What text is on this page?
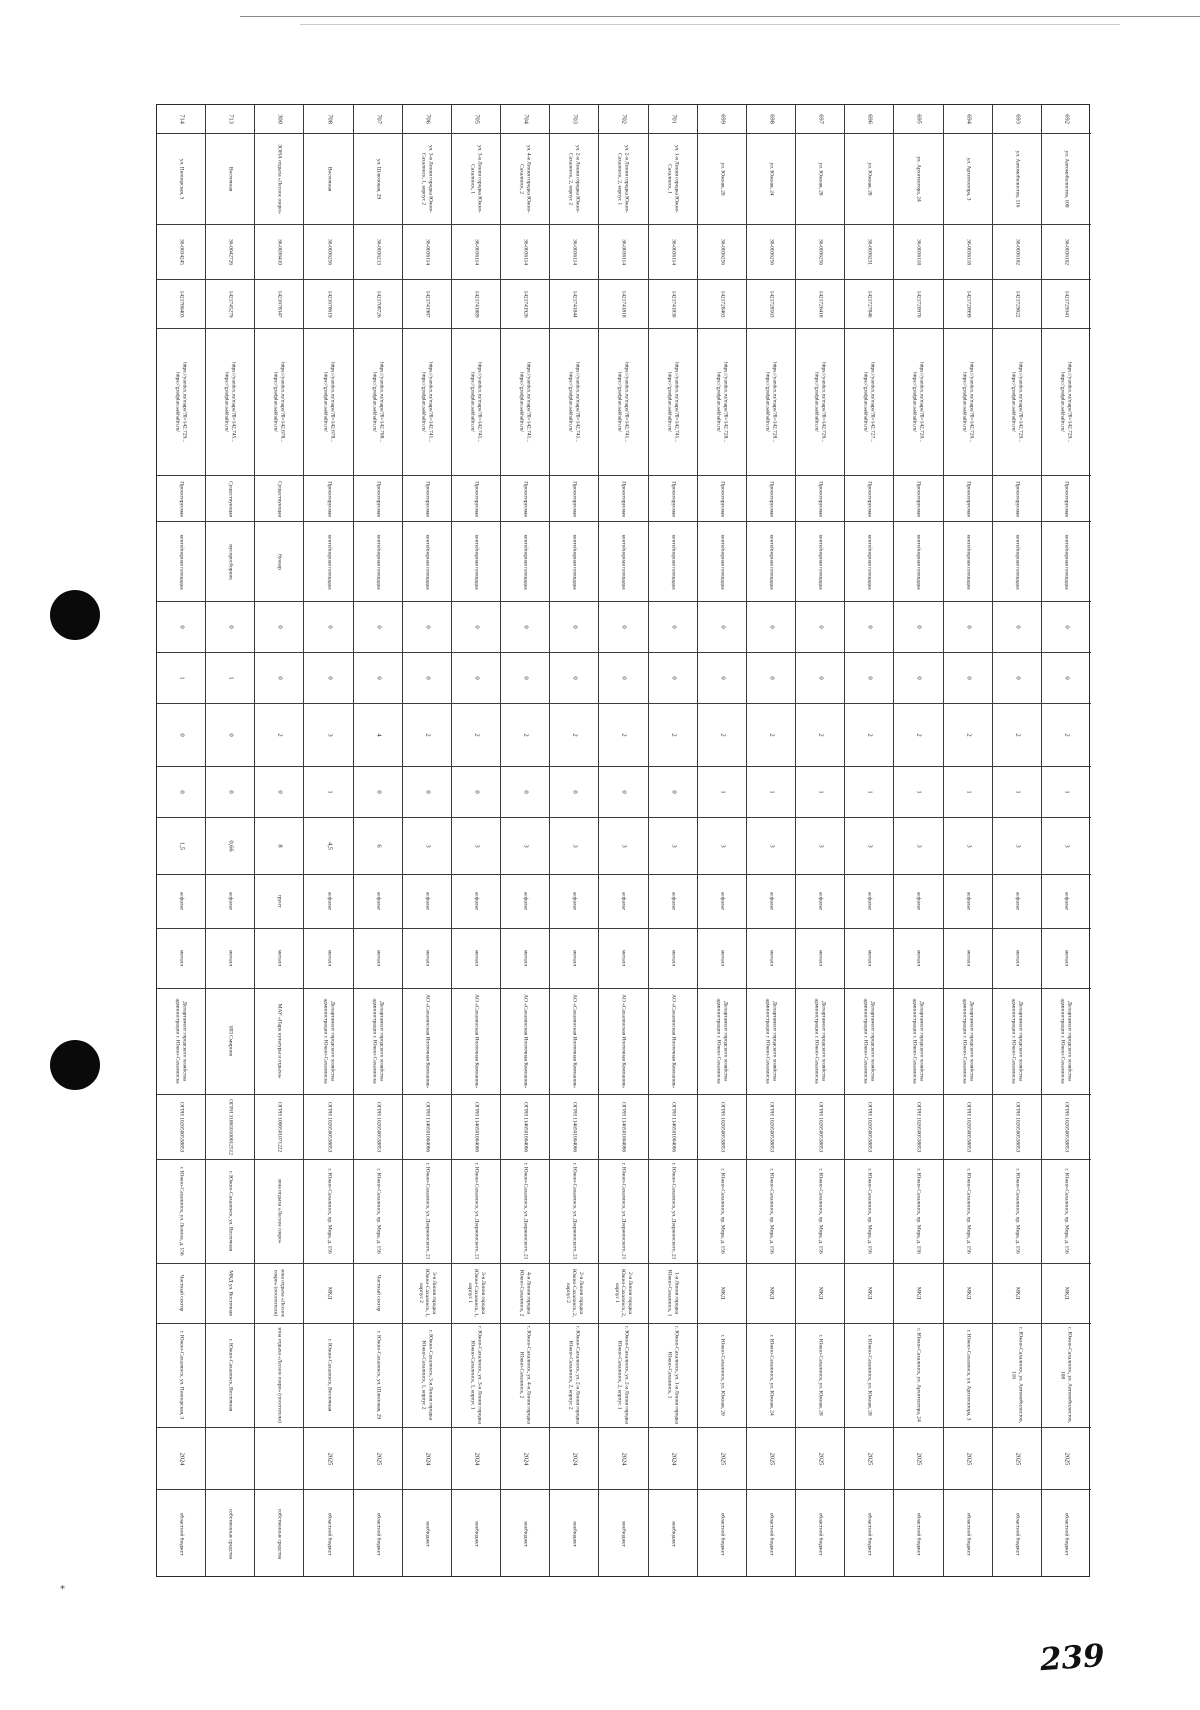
714
ул. Пионерская, 3
36-0034245
1421780403
https://yandex.ru/maps/?ll=142.729...
https://gradplan.sakhalin.ru/
Проектируемая
контейнерная площадка
0
1
0
0
1,5
асфальт
металл
Департамент городского хозяйства администрации г. Южно-Сахалинска
ОГРН 1026500538853
г. Южно-Сахалинск, ул. Ленина, д. 156
Частный сектор
г. Южно-Сахалинск, ул. Пионерская, 3
2024
областной бюджет
713
Восточная
36-0042726
1421745279
https://yandex.ru/maps/?ll=142.745...
https://gradplan.sakhalin.ru/
Существующая
мусоросборник
0
1
0
0
0,66
асфальт
металл
ИП Смирнов
ОГРН 318650100012512
г. Южно-Сахалинск, ул. Восточная
МКД ул. Восточная
г. Южно-Сахалинск, Восточная
собственные средства
300
ЗОНА отдыха «Лесное озеро»
36-0036410
1421678347
https://yandex.ru/maps/?ll=142.678...
https://gradplan.sakhalin.ru/
Существующая
бункер
0
0
2
0
8
грунт
металл
МАУ «Парк культуры и отдыха»
ОГРН 1066501071222
зона отдыха «Лесное озеро»
зона отдыха «Лесное озеро» (посетители)
зона отдыха «Лесное озеро» (посетители)
собственные средства
708
Восточная
36-0036256
1421678619
https://yandex.ru/maps/?ll=142.678...
https://gradplan.sakhalin.ru/
Проектируемая
контейнерная площадка
0
0
3
1
4,5
асфальт
металл
Департамент городского хозяйства администрации г. Южно-Сахалинска
ОГРН 1026500538853
г. Южно-Сахалинск, пр. Мира, д. 156
МКД
г. Южно-Сахалинск, Восточная
2025
областной бюджет
707
ул. Шлюзовая, 29
36-0036213
1421708726
https://yandex.ru/maps/?ll=142.708...
https://gradplan.sakhalin.ru/
Проектируемая
контейнерная площадка
0
0
4
0
6
асфальт
металл
Департамент городского хозяйства администрации г. Южно-Сахалинска
ОГРН 1026500538853
г. Южно-Сахалинск, пр. Мира, д. 156
Частный сектор
г. Южно-Сахалинск, ул. Шлюзовая, 29
2025
областной бюджет
706
ул. 3-я Линия городка Южно-Сахалинск, 1, корпус 2
36-0036114
1421741987
https://yandex.ru/maps/?ll=142.741...
https://gradplan.sakhalin.ru/
Проектируемая
контейнерная площадка
0
0
2
0
3
асфальт
металл
АО «Сахалинская Ипотечная Компания»
ОГРН 1146501004066
г. Южно-Сахалинск, ул. Дзержинского, 21
3-я Линия городка Южно-Сахалинск, 1, корпус 2
г. Южно-Сахалинск, 3-я Линия городка Южно-Сахалинск, 1, корпус 2
2024
внебюджет
705
ул. 3-я Линия городка Южно-Сахалинск, 1
36-0036114
1421741889
https://yandex.ru/maps/?ll=142.741...
https://gradplan.sakhalin.ru/
Проектируемая
контейнерная площадка
0
0
2
0
3
асфальт
металл
АО «Сахалинская Ипотечная Компания»
ОГРН 1146501004066
г. Южно-Сахалинск, ул. Дзержинского, 21
3-я Линия городка Южно-Сахалинск, 1, корпус 1
г. Южно-Сахалинск, ул. 3-я Линия городка Южно-Сахалинск, 1, корпус 1
2024
внебюджет
704
ул. 4-я Линия городка Южно-Сахалинск, 2
36-0036114
1421741926
https://yandex.ru/maps/?ll=142.741...
https://gradplan.sakhalin.ru/
Проектируемая
контейнерная площадка
0
0
2
0
3
асфальт
металл
АО «Сахалинская Ипотечная Компания»
ОГРН 1146501004066
г. Южно-Сахалинск, ул. Дзержинского, 21
4-я Линия городка Южно-Сахалинск, 2
г. Южно-Сахалинск, ул. 4-я Линия городка Южно-Сахалинск, 2
2024
внебюджет
703
ул. 2-я Линия городка Южно-Сахалинск, 2, корпус 2
36-0036114
1421741844
https://yandex.ru/maps/?ll=142.741...
https://gradplan.sakhalin.ru/
Проектируемая
контейнерная площадка
0
0
2
0
3
асфальт
металл
АО «Сахалинская Ипотечная Компания»
ОГРН 1146501004066
г. Южно-Сахалинск, ул. Дзержинского, 21
2-я Линия городка Южно-Сахалинск, 2, корпус 2
г. Южно-Сахалинск, ул. 2-я Линия городка Южно-Сахалинск, 2, корпус 2
2024
внебюджет
702
ул. 2-я Линия городка Южно-Сахалинск, 2, корпус 1
36-0036114
1421741818
https://yandex.ru/maps/?ll=142.741...
https://gradplan.sakhalin.ru/
Проектируемая
контейнерная площадка
0
0
2
0
3
асфальт
металл
АО «Сахалинская Ипотечная Компания»
ОГРН 1146501004066
г. Южно-Сахалинск, ул. Дзержинского, 21
2-я Линия городка Южно-Сахалинск, 2, корпус 1
г. Южно-Сахалинск, ул. 2-я Линия городка Южно-Сахалинск, 2, корпус 1
2024
внебюджет
701
ул. 1-я Линия городка Южно-Сахалинск, 1
36-0036114
1421741830
https://yandex.ru/maps/?ll=142.741...
https://gradplan.sakhalin.ru/
Проектируемая
контейнерная площадка
0
0
2
0
3
асфальт
металл
АО «Сахалинская Ипотечная Компания»
ОГРН 1146501004066
г. Южно-Сахалинск, ул. Дзержинского, 21
1-я Линия городка Южно-Сахалинск, 1
г. Южно-Сахалинск, ул. 1-я Линия городка Южно-Сахалинск, 1
2024
внебюджет
699
ул. Южная, 20
36-0036256
1421728463
https://yandex.ru/maps/?ll=142.728...
https://gradplan.sakhalin.ru/
Проектируемая
контейнерная площадка
0
0
2
1
3
асфальт
металл
Департамент городского хозяйства администрации г. Южно-Сахалинска
ОГРН 1026500538853
г. Южно-Сахалинск, пр. Мира, д. 156
МКД
г. Южно-Сахалинск, ул. Южная, 20
2025
областной бюджет
698
ул. Южная, 24
36-0036256
1421728563
https://yandex.ru/maps/?ll=142.728...
https://gradplan.sakhalin.ru/
Проектируемая
контейнерная площадка
0
0
2
1
3
асфальт
металл
Департамент городского хозяйства администрации г. Южно-Сахалинска
ОГРН 1026500538853
г. Южно-Сахалинск, пр. Мира, д. 156
МКД
г. Южно-Сахалинск, ул. Южная, 24
2025
областной бюджет
697
ул. Южная, 28
36-0036256
1421726418
https://yandex.ru/maps/?ll=142.726...
https://gradplan.sakhalin.ru/
Проектируемая
контейнерная площадка
0
0
2
1
3
асфальт
металл
Департамент городского хозяйства администрации г. Южно-Сахалинска
ОГРН 1026500538853
г. Южно-Сахалинск, пр. Мира, д. 156
МКД
г. Южно-Сахалинск, ул. Южная, 28
2025
областной бюджет
696
ул. Южная, 28
36-0036231
1421727846
https://yandex.ru/maps/?ll=142.727...
https://gradplan.sakhalin.ru/
Проектируемая
контейнерная площадка
0
0
2
1
3
асфальт
металл
Департамент городского хозяйства администрации г. Южно-Сахалинска
ОГРН 1026500538853
г. Южно-Сахалинск, пр. Мира, д. 156
МКД
г. Южно-Сахалинск, ул. Южная, 28
2025
областной бюджет
695
ул. Архитектора, 24
36-0036118
1421720970
https://yandex.ru/maps/?ll=142.720...
https://gradplan.sakhalin.ru/
Проектируемая
контейнерная площадка
0
0
2
1
3
асфальт
металл
Департамент городского хозяйства администрации г. Южно-Сахалинска
ОГРН 1026500538853
г. Южно-Сахалинск, пр. Мира, д. 156
МКД
г. Южно-Сахалинск, ул. Архитектора, 24
2025
областной бюджет
694
ул. Архитектора, 3
36-0036118
1421720999
https://yandex.ru/maps/?ll=142.720...
https://gradplan.sakhalin.ru/
Проектируемая
контейнерная площадка
0
0
2
1
3
асфальт
металл
Департамент городского хозяйства администрации г. Южно-Сахалинска
ОГРН 1026500538853
г. Южно-Сахалинск, пр. Мира, д. 156
МКД
г. Южно-Сахалинск, ул. Архитектора, 3
2025
областной бюджет
693
ул. Автомобилистов, 116
36-0036102
1421729022
https://yandex.ru/maps/?ll=142.729...
https://gradplan.sakhalin.ru/
Проектируемая
контейнерная площадка
0
0
2
1
3
асфальт
металл
Департамент городского хозяйства администрации г. Южно-Сахалинска
ОГРН 1026500538853
г. Южно-Сахалинск, пр. Мира, д. 156
МКД
г. Южно-Сахалинск, ул. Автомобилистов, 116
2025
областной бюджет
692
ул. Автомобилистов, 108
36-0036102
1421729341
https://yandex.ru/maps/?ll=142.729...
https://gradplan.sakhalin.ru/
Проектируемая
контейнерная площадка
0
0
2
1
3
асфальт
металл
Департамент городского хозяйства администрации г. Южно-Сахалинска
ОГРН 1026500538853
г. Южно-Сахалинск, пр. Мира, д. 156
МКД
г. Южно-Сахалинск, ул. Автомобилистов, 108
2025
областной бюджет
*
239
